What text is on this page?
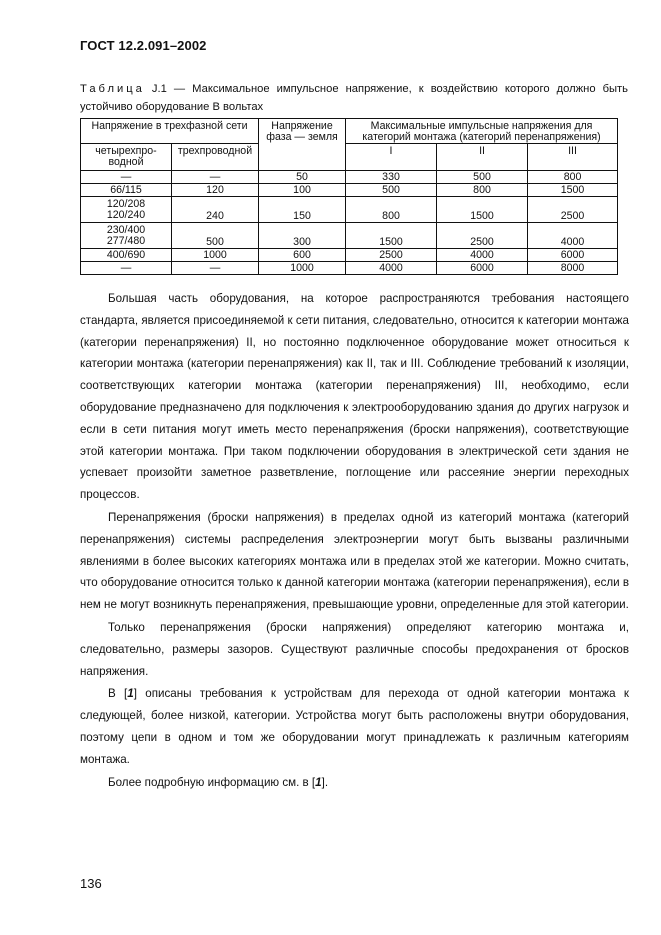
ГОСТ 12.2.091–2002
Таблица J.1 — Максимальное импульсное напряжение, к воздействию которого должно быть устойчиво оборудование В вольтах
Напряжение в трехфазной сети		Напряжение фаза — земля	Максимальные импульсные напряжения для категорий монтажа (категорий перенапряжения)		
четырехпро-водной	трехпроводной		I	II	III
—	—	50	330	500	800
66/115	120	100	500	800	1500
120/208 120/240	240	150	800	1500	2500
230/400 277/480	500	300	1500	2500	4000
400/690	1000	600	2500	4000	6000
—	—	1000	4000	6000	8000

Большая часть оборудования, на которое распространяются требования настоящего стандарта, является присоединяемой к сети питания, следовательно, относится к категории монтажа (категории перенапряжения) II, но постоянно подключенное оборудование может относиться к категории монтажа (категории перенапряжения) как II, так и III. Соблюдение требований к изоляции, соответствующих категории монтажа (категории перенапряжения) III, необходимо, если оборудование предназначено для подключения к электрооборудованию здания до других нагрузок и если в сети питания могут иметь место перенапряжения (броски напряжения), соответствующие этой категории монтажа. При таком подключении оборудования в электрической сети здания не успевает произойти заметное разветвление, поглощение или рассеяние энергии переходных процессов.

Перенапряжения (броски напряжения) в пределах одной из категорий монтажа (категорий перенапряжения) системы распределения электроэнергии могут быть вызваны различными явлениями в более высоких категориях монтажа или в пределах этой же категории. Можно считать, что оборудование относится только к данной категории монтажа (категории перенапряжения), если в нем не могут возникнуть перенапряжения, превышающие уровни, определенные для этой категории.

Только перенапряжения (броски напряжения) определяют категорию монтажа и, следовательно, размеры зазоров. Существуют различные способы предохранения от бросков напряжения.

В [1] описаны требования к устройствам для перехода от одной категории монтажа к следующей, более низкой, категории. Устройства могут быть расположены внутри оборудования, поэтому цепи в одном и том же оборудовании могут принадлежать к различным категориям монтажа.

Более подробную информацию см. в [1].

136
